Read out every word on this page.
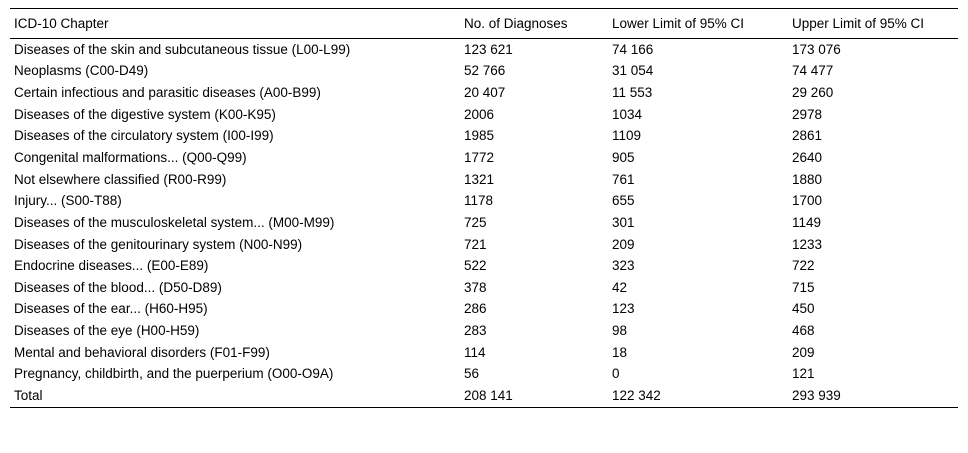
ICD-10 Chapter	No. of Diagnoses	Lower Limit of 95% CI	Upper Limit of 95% CI
Diseases of the skin and subcutaneous tissue (L00-L99)	123 621	74 166	173 076
Neoplasms (C00-D49)	52 766	31 054	74 477
Certain infectious and parasitic diseases (A00-B99)	20 407	11 553	29 260
Diseases of the digestive system (K00-K95)	2006	1034	2978
Diseases of the circulatory system (I00-I99)	1985	1109	2861
Congenital malformations... (Q00-Q99)	1772	905	2640
Not elsewhere classified (R00-R99)	1321	761	1880
Injury... (S00-T88)	1178	655	1700
Diseases of the musculoskeletal system... (M00-M99)	725	301	1149
Diseases of the genitourinary system (N00-N99)	721	209	1233
Endocrine diseases... (E00-E89)	522	323	722
Diseases of the blood... (D50-D89)	378	42	715
Diseases of the ear... (H60-H95)	286	123	450
Diseases of the eye (H00-H59)	283	98	468
Mental and behavioral disorders (F01-F99)	114	18	209
Pregnancy, childbirth, and the puerperium (O00-O9A)	56	0	121
Total	208 141	122 342	293 939
